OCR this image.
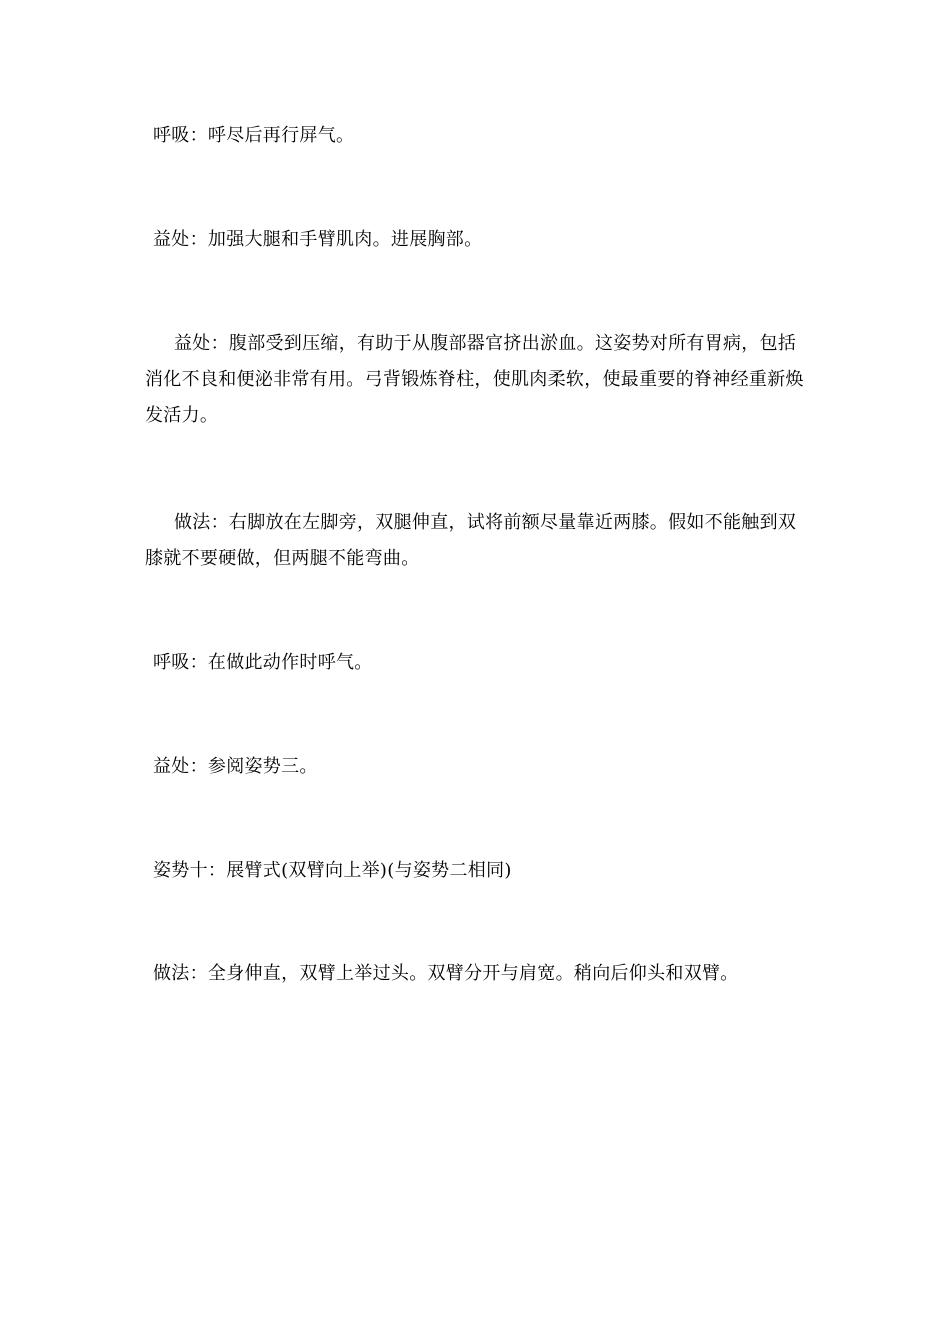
呼吸：呼尽后再行屏气。

益处：加强大腿和手臂肌肉。进展胸部。

益处：腹部受到压缩，有助于从腹部器官挤出淤血。这姿势对所有胃病，包括消化不良和便泌非常有用。弓背锻炼脊柱，使肌肉柔软，使最重要的脊神经重新焕发活力。

做法：右脚放在左脚旁，双腿伸直，试将前额尽量靠近两膝。假如不能触到双膝就不要硬做，但两腿不能弯曲。

呼吸：在做此动作时呼气。

益处：参阅姿势三。

姿势十：展臂式(双臂向上举)(与姿势二相同)

做法：全身伸直，双臂上举过头。双臂分开与肩宽。稍向后仰头和双臂。
